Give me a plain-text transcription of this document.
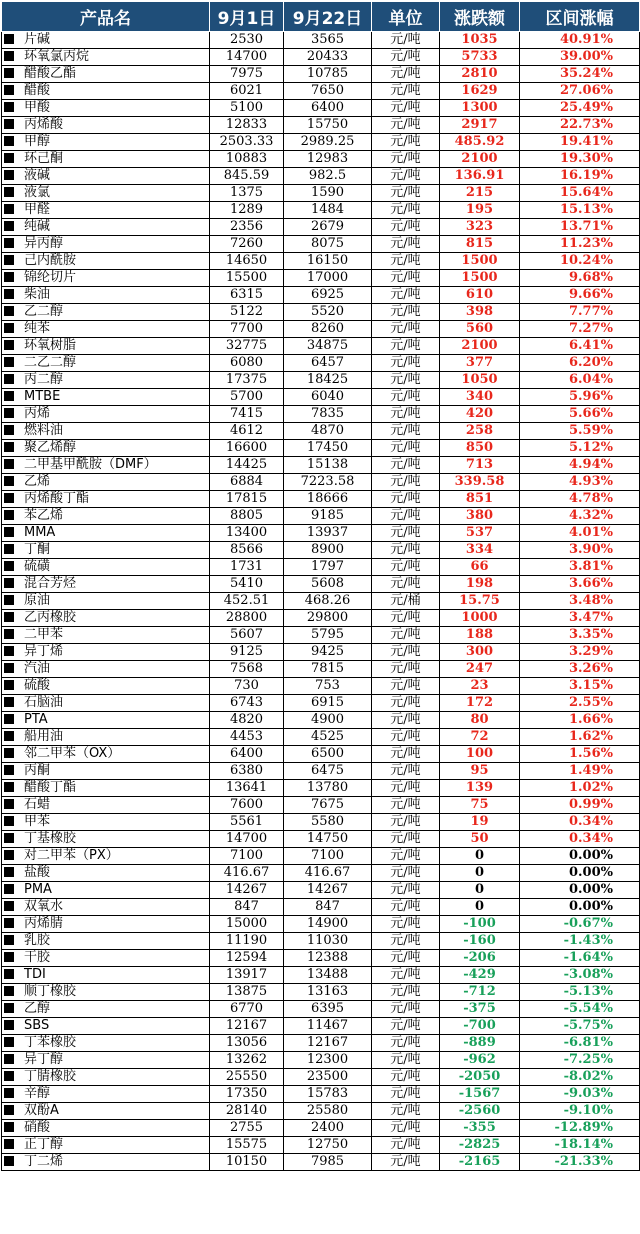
产品名	9月1日	9月22日	单位	涨跌额	区间涨幅
片碱	2530	3565	元/吨	1035	40.91%
环氧氯丙烷	14700	20433	元/吨	5733	39.00%
醋酸乙酯	7975	10785	元/吨	2810	35.24%
醋酸	6021	7650	元/吨	1629	27.06%
甲酸	5100	6400	元/吨	1300	25.49%
丙烯酸	12833	15750	元/吨	2917	22.73%
甲醇	2503.33	2989.25	元/吨	485.92	19.41%
环己酮	10883	12983	元/吨	2100	19.30%
液碱	845.59	982.5	元/吨	136.91	16.19%
液氯	1375	1590	元/吨	215	15.64%
甲醛	1289	1484	元/吨	195	15.13%
纯碱	2356	2679	元/吨	323	13.71%
异丙醇	7260	8075	元/吨	815	11.23%
己内酰胺	14650	16150	元/吨	1500	10.24%
锦纶切片	15500	17000	元/吨	1500	9.68%
柴油	6315	6925	元/吨	610	9.66%
乙二醇	5122	5520	元/吨	398	7.77%
纯苯	7700	8260	元/吨	560	7.27%
环氧树脂	32775	34875	元/吨	2100	6.41%
二乙二醇	6080	6457	元/吨	377	6.20%
丙二醇	17375	18425	元/吨	1050	6.04%
MTBE	5700	6040	元/吨	340	5.96%
丙烯	7415	7835	元/吨	420	5.66%
燃料油	4612	4870	元/吨	258	5.59%
聚乙烯醇	16600	17450	元/吨	850	5.12%
二甲基甲酰胺（DMF）	14425	15138	元/吨	713	4.94%
乙烯	6884	7223.58	元/吨	339.58	4.93%
丙烯酸丁酯	17815	18666	元/吨	851	4.78%
苯乙烯	8805	9185	元/吨	380	4.32%
MMA	13400	13937	元/吨	537	4.01%
丁酮	8566	8900	元/吨	334	3.90%
硫磺	1731	1797	元/吨	66	3.81%
混合芳烃	5410	5608	元/吨	198	3.66%
原油	452.51	468.26	元/桶	15.75	3.48%
乙丙橡胶	28800	29800	元/吨	1000	3.47%
二甲苯	5607	5795	元/吨	188	3.35%
异丁烯	9125	9425	元/吨	300	3.29%
汽油	7568	7815	元/吨	247	3.26%
硫酸	730	753	元/吨	23	3.15%
石脑油	6743	6915	元/吨	172	2.55%
PTA	4820	4900	元/吨	80	1.66%
船用油	4453	4525	元/吨	72	1.62%
邻二甲苯（OX）	6400	6500	元/吨	100	1.56%
丙酮	6380	6475	元/吨	95	1.49%
醋酸丁酯	13641	13780	元/吨	139	1.02%
石蜡	7600	7675	元/吨	75	0.99%
甲苯	5561	5580	元/吨	19	0.34%
丁基橡胶	14700	14750	元/吨	50	0.34%
对二甲苯（PX）	7100	7100	元/吨	0	0.00%
盐酸	416.67	416.67	元/吨	0	0.00%
PMA	14267	14267	元/吨	0	0.00%
双氧水	847	847	元/吨	0	0.00%
丙烯腈	15000	14900	元/吨	-100	-0.67%
乳胶	11190	11030	元/吨	-160	-1.43%
干胶	12594	12388	元/吨	-206	-1.64%
TDI	13917	13488	元/吨	-429	-3.08%
顺丁橡胶	13875	13163	元/吨	-712	-5.13%
乙醇	6770	6395	元/吨	-375	-5.54%
SBS	12167	11467	元/吨	-700	-5.75%
丁苯橡胶	13056	12167	元/吨	-889	-6.81%
异丁醇	13262	12300	元/吨	-962	-7.25%
丁腈橡胶	25550	23500	元/吨	-2050	-8.02%
辛醇	17350	15783	元/吨	-1567	-9.03%
双酚A	28140	25580	元/吨	-2560	-9.10%
硝酸	2755	2400	元/吨	-355	-12.89%
正丁醇	15575	12750	元/吨	-2825	-18.14%
丁二烯	10150	7985	元/吨	-2165	-21.33%
